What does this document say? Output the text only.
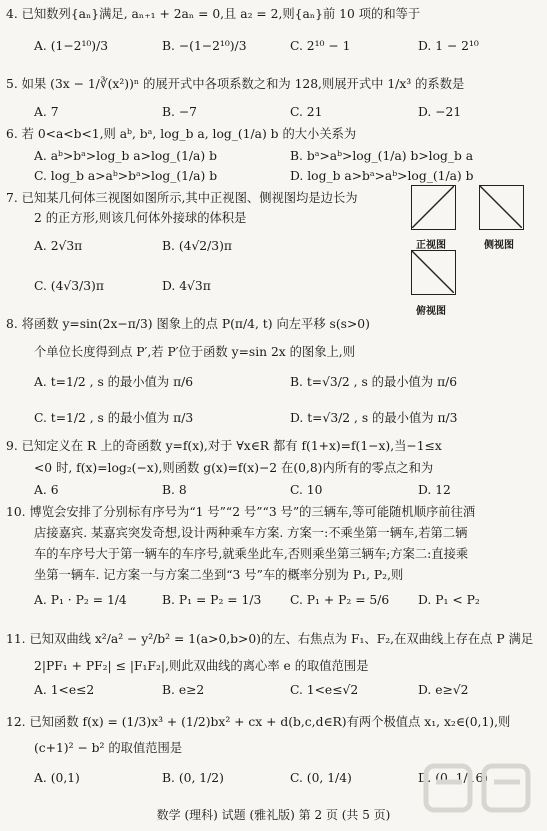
4. 已知数列{aₙ}满足, aₙ₊₁ + 2aₙ = 0,且 a₂ = 2,则{aₙ}前 10 项的和等于
A. (1−2¹⁰)/3	B. −(1−2¹⁰)/3	C. 2¹⁰ − 1	D. 1 − 2¹⁰
5. 如果 (3x − 1/∛(x²))ⁿ 的展开式中各项系数之和为 128,则展开式中 1/x³ 的系数是
A. 7	B. −7	C. 21	D. −21
6. 若 0<a<b<1,则 aᵇ, bᵃ, log_b a, log_(1/a) b 的大小关系为
A. aᵇ>bᵃ>log_b a>log_(1/a) b	B. bᵃ>aᵇ>log_(1/a) b>log_b a
C. log_b a>aᵇ>bᵃ>log_(1/a) b	D. log_b a>bᵃ>aᵇ>log_(1/a) b
7. 已知某几何体三视图如图所示,其中正视图、侧视图均是边长为
2 的正方形,则该几何体外接球的体积是
A. 2√3π	B. (4√2/3)π
C. (4√3/3)π	D. 4√3π
正视图	侧视图
俯视图
8. 将函数 y=sin(2x−π/3) 图象上的点 P(π/4, t) 向左平移 s(s>0)
个单位长度得到点 P′,若 P′位于函数 y=sin 2x 的图象上,则
A. t=1/2 , s 的最小值为 π/6	B. t=√3/2 , s 的最小值为 π/6
C. t=1/2 , s 的最小值为 π/3	D. t=√3/2 , s 的最小值为 π/3
9. 已知定义在 R 上的奇函数 y=f(x),对于 ∀x∈R 都有 f(1+x)=f(1−x),当−1≤x
<0 时, f(x)=log₂(−x),则函数 g(x)=f(x)−2 在(0,8)内所有的零点之和为
A. 6	B. 8	C. 10	D. 12
10. 博览会安排了分别标有序号为“1 号”“2 号”“3 号”的三辆车,等可能随机顺序前往酒
店接嘉宾. 某嘉宾突发奇想,设计两种乘车方案. 方案一:不乘坐第一辆车,若第二辆
车的车序号大于第一辆车的车序号,就乘坐此车,否则乘坐第三辆车;方案二:直接乘
坐第一辆车. 记方案一与方案二坐到“3 号”车的概率分别为 P₁, P₂,则
A. P₁ · P₂ = 1/4	B. P₁ = P₂ = 1/3 C. P₁ + P₂ = 5/6 D. P₁ < P₂
11. 已知双曲线 x²/a² − y²/b² = 1(a>0,b>0)的左、右焦点为 F₁、F₂,在双曲线上存在点 P 满足
2|PF₁ + PF₂| ≤ |F₁F₂|,则此双曲线的离心率 e 的取值范围是
A. 1<e≤2	B. e≥2	C. 1<e≤√2	D. e≥√2
12. 已知函数 f(x) = (1/3)x³ + (1/2)bx² + cx + d(b,c,d∈R)有两个极值点 x₁, x₂∈(0,1),则
(c+1)² − b² 的取值范围是
A. (0,1)	B. (0, 1/2)	C. (0, 1/4)	D. (0, 1/16)
数学 (理科) 试题 (雅礼版) 第 2 页 (共 5 页)
